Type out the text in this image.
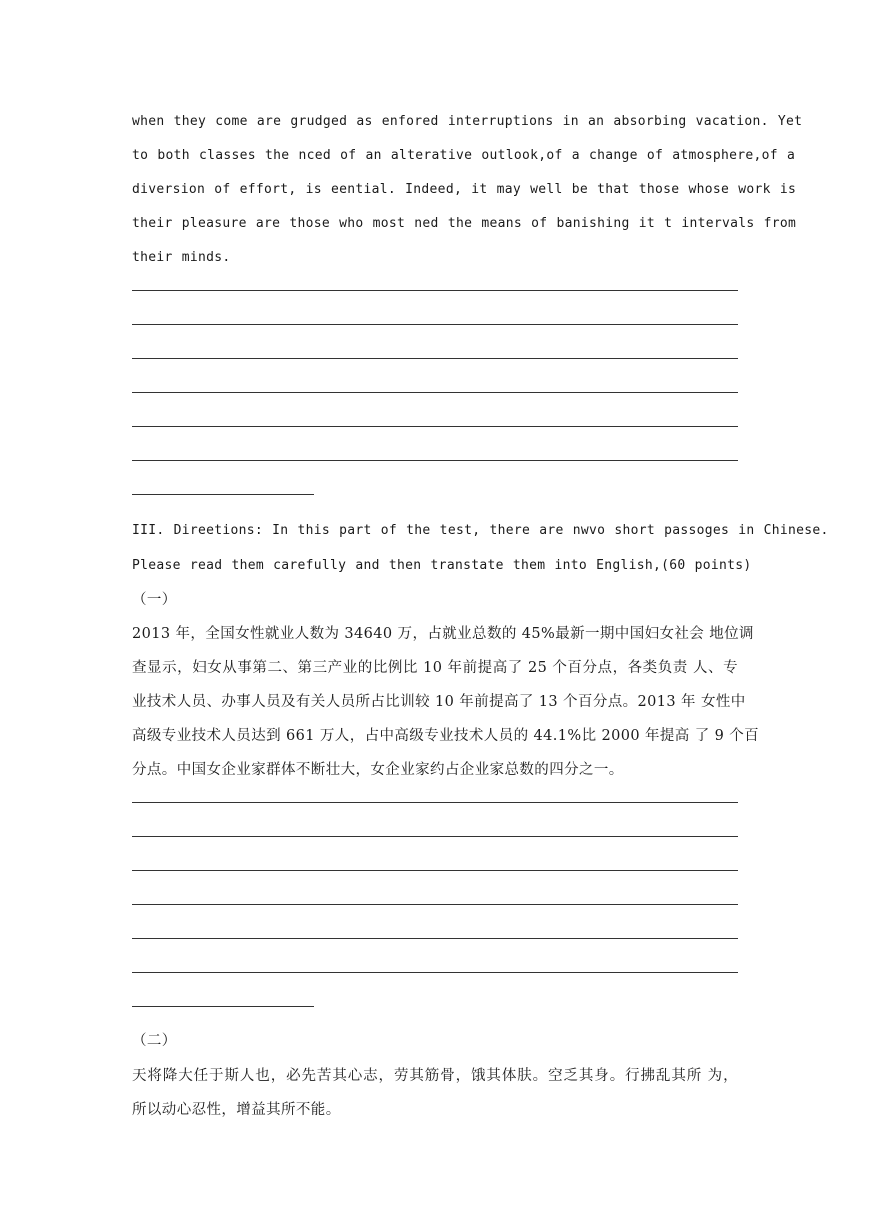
when they come are grudged as enfored interruptions in an absorbing vacation. Yet
to both classes the nced of an alterative outlook,of a change of atmosphere,of a
diversion of effort, is eential. Indeed, it may well be that those whose work is
their pleasure are those who most ned the means of banishing it t intervals from
their minds.
III. Direetions: In this part of the test, there are nwvo short passoges in Chinese.
Please read them carefully and then transtate them into English,(60 points)
（一）
2013 年，全国女性就业人数为 34640 万，占就业总数的 45%最新一期中国妇女社会 地位调
查显示，妇女从事第二、第三产业的比例比 10 年前提高了 25 个百分点，各类负责 人、专
业技术人员、办事人员及有关人员所占比训较 10 年前提高了 13 个百分点。2013 年 女性中
高级专业技术人员达到 661 万人，占中高级专业技术人员的 44.1%比 2000 年提高 了 9 个百
分点。中国女企业家群体不断壮大，女企业家约占企业家总数的四分之一。
（二）
天将降大任于斯人也，必先苦其心志，劳其筋骨，饿其体肤。空乏其身。行拂乱其所 为，
所以动心忍性，增益其所不能。
